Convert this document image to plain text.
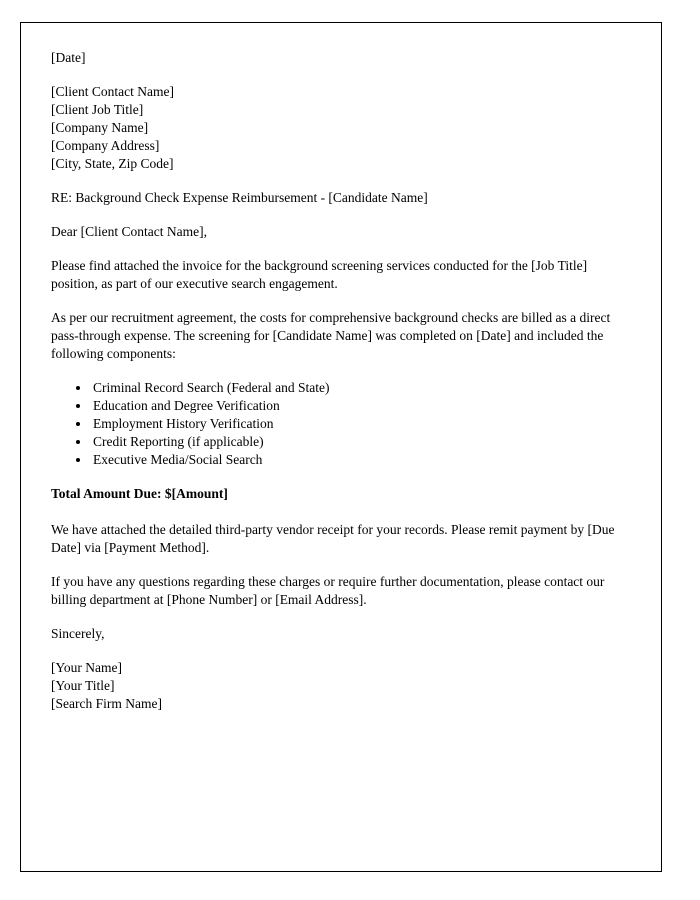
[Date]

[Client Contact Name]

[Client Job Title]

[Company Name]

[Company Address]

[City, State, Zip Code]

RE: Background Check Expense Reimbursement - [Candidate Name]

Dear [Client Contact Name],

Please find attached the invoice for the background screening services conducted for the [Job Title] position, as part of our executive search engagement.

As per our recruitment agreement, the costs for comprehensive background checks are billed as a direct pass-through expense. The screening for [Candidate Name] was completed on [Date] and included the following components:

• Criminal Record Search (Federal and State)
• Education and Degree Verification
• Employment History Verification
• Credit Reporting (if applicable)
• Executive Media/Social Search

Total Amount Due: $[Amount]

We have attached the detailed third-party vendor receipt for your records. Please remit payment by [Due Date] via [Payment Method].

If you have any questions regarding these charges or require further documentation, please contact our billing department at [Phone Number] or [Email Address].

Sincerely,

[Your Name]

[Your Title]

[Search Firm Name]
